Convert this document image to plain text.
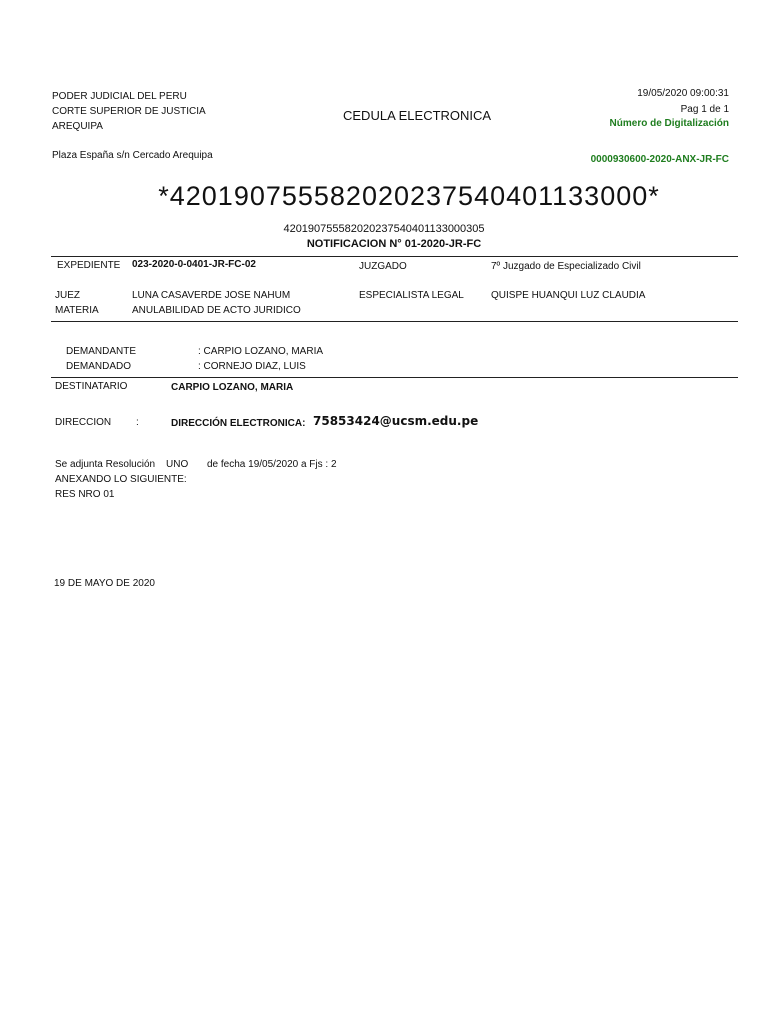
PODER JUDICIAL DEL PERU
CORTE SUPERIOR DE JUSTICIA
AREQUIPA
Plaza España s/n Cercado Arequipa
CEDULA ELECTRONICA
19/05/2020 09:00:31
Pag 1 de 1
Número de Digitalización
0000930600-2020-ANX-JR-FC
*420190755582020237540401133000*
420190755582020237540401133000305
NOTIFICACION N° 01-2020-JR-FC
EXPEDIENTE 023-2020-0-0401-JR-FC-02	JUZGADO	7º Juzgado de Especializado Civil
JUEZ	LUNA CASAVERDE JOSE NAHUM	ESPECIALISTA LEGAL	QUISPE HUANQUI LUZ CLAUDIA
MATERIA	ANULABILIDAD DE ACTO JURIDICO
DEMANDANTE	: CARPIO LOZANO, MARIA
DEMANDADO	: CORNEJO DIAZ, LUIS
DESTINATARIO	CARPIO LOZANO, MARIA
DIRECCION :	DIRECCIÓN ELECTRONICA: 75853424@ucsm.edu.pe
Se adjunta Resolución UNO de fecha 19/05/2020 a Fjs : 2
ANEXANDO LO SIGUIENTE:
RES NRO 01
19 DE MAYO DE 2020
